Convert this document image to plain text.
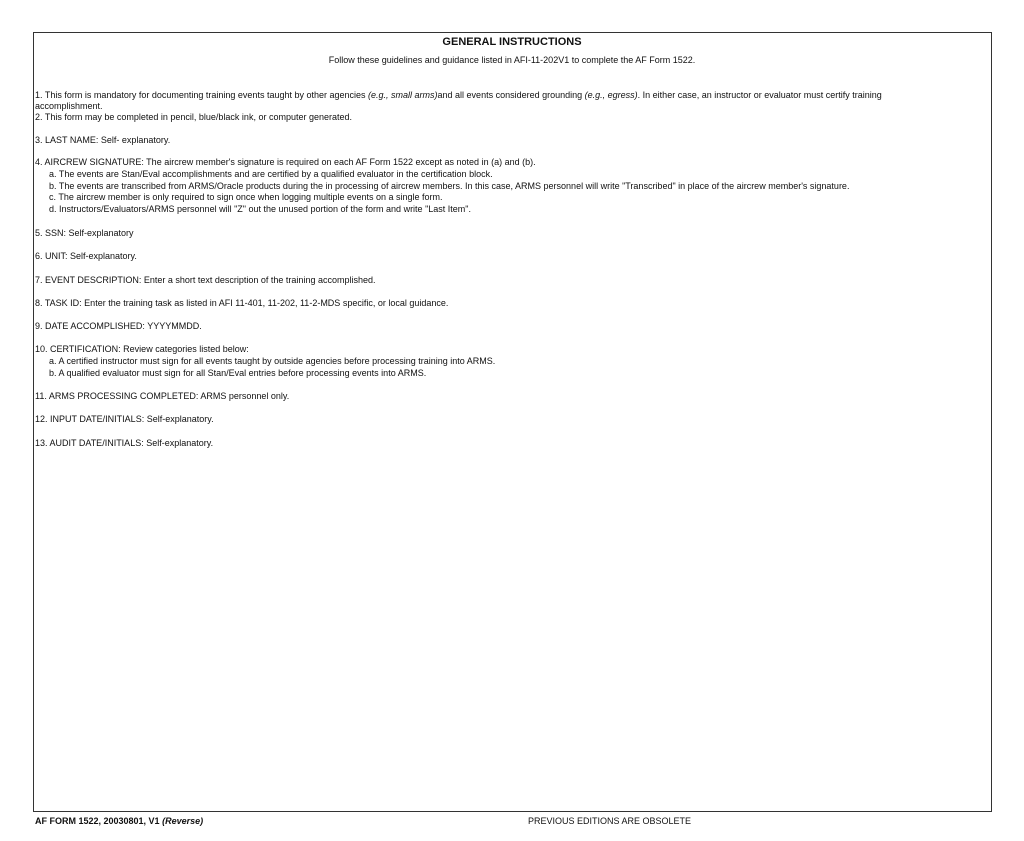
GENERAL INSTRUCTIONS
Follow these guidelines and guidance listed in AFI-11-202V1 to complete the AF Form 1522.
1. This form is mandatory for documenting training events taught by other agencies (e.g., small arms)and all events considered grounding (e.g., egress). In either case, an instructor or evaluator must certify training
accomplishment.
2. This form may be completed in pencil, blue/black ink, or computer generated.
3. LAST NAME: Self- explanatory.
4. AIRCREW SIGNATURE: The aircrew member's signature is required on each AF Form 1522 except as noted in (a) and (b).
a. The events are Stan/Eval accomplishments and are certified by a qualified evaluator in the certification block.
b. The events are transcribed from ARMS/Oracle products during the in processing of aircrew members. In this case, ARMS personnel will write "Transcribed" in place of the aircrew member's signature.
c. The aircrew member is only required to sign once when logging multiple events on a single form.
d. Instructors/Evaluators/ARMS personnel will "Z" out the unused portion of the form and write "Last Item".
5. SSN: Self-explanatory
6. UNIT: Self-explanatory.
7. EVENT DESCRIPTION: Enter a short text description of the training accomplished.
8. TASK ID: Enter the training task as listed in AFI 11-401, 11-202, 11-2-MDS specific, or local guidance.
9. DATE ACCOMPLISHED: YYYYMMDD.
10. CERTIFICATION: Review categories listed below:
a. A certified instructor must sign for all events taught by outside agencies before processing training into ARMS.
b. A qualified evaluator must sign for all Stan/Eval entries before processing events into ARMS.
11. ARMS PROCESSING COMPLETED: ARMS personnel only.
12. INPUT DATE/INITIALS: Self-explanatory.
13. AUDIT DATE/INITIALS: Self-explanatory.
AF FORM 1522, 20030801, V1 (Reverse)	PREVIOUS EDITIONS ARE OBSOLETE
